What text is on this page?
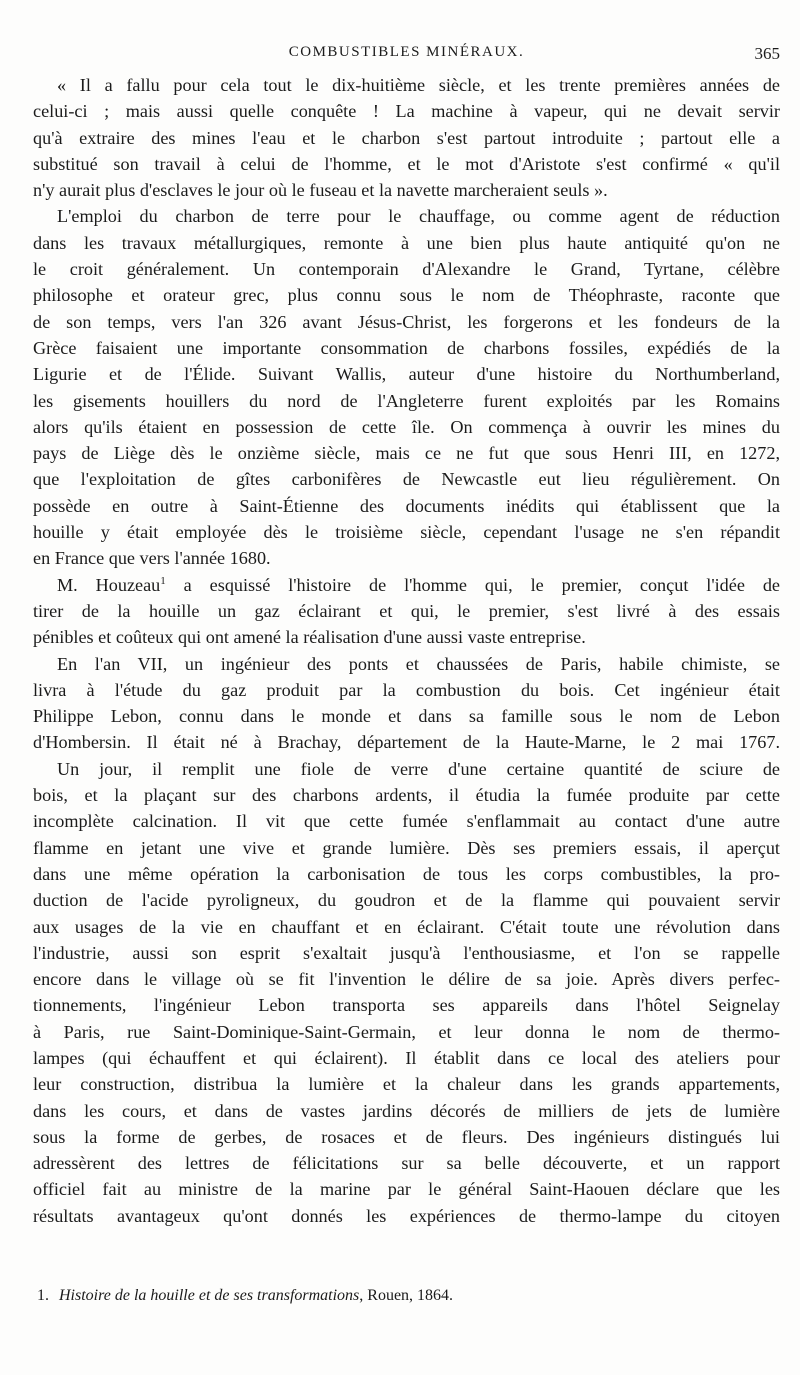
COMBUSTIBLES MINÉRAUX.	365
« Il a fallu pour cela tout le dix-huitième siècle, et les trente premières années de
celui-ci ; mais aussi quelle conquête ! La machine à vapeur, qui ne devait servir
qu'à extraire des mines l'eau et le charbon s'est partout introduite ; partout elle a
substitué son travail à celui de l'homme, et le mot d'Aristote s'est confirmé « qu'il
n'y aurait plus d'esclaves le jour où le fuseau et la navette marcheraient seuls ».
L'emploi du charbon de terre pour le chauffage, ou comme agent de réduction
dans les travaux métallurgiques, remonte à une bien plus haute antiquité qu'on ne
le croit généralement. Un contemporain d'Alexandre le Grand, Tyrtane, célèbre
philosophe et orateur grec, plus connu sous le nom de Théophraste, raconte que
de son temps, vers l'an 326 avant Jésus-Christ, les forgerons et les fondeurs de la
Grèce faisaient une importante consommation de charbons fossiles, expédiés de la
Ligurie et de l'Élide. Suivant Wallis, auteur d'une histoire du Northumberland,
les gisements houillers du nord de l'Angleterre furent exploités par les Romains
alors qu'ils étaient en possession de cette île. On commença à ouvrir les mines du
pays de Liège dès le onzième siècle, mais ce ne fut que sous Henri III, en 1272,
que l'exploitation de gîtes carbonifères de Newcastle eut lieu régulièrement. On
possède en outre à Saint-Étienne des documents inédits qui établissent que la
houille y était employée dès le troisième siècle, cependant l'usage ne s'en répandit
en France que vers l'année 1680.
M. Houzeau$^1$ a esquissé l'histoire de l'homme qui, le premier, conçut l'idée de
tirer de la houille un gaz éclairant et qui, le premier, s'est livré à des essais
pénibles et coûteux qui ont amené la réalisation d'une aussi vaste entreprise.
En l'an VII, un ingénieur des ponts et chaussées de Paris, habile chimiste, se
livra à l'étude du gaz produit par la combustion du bois. Cet ingénieur était
Philippe Lebon, connu dans le monde et dans sa famille sous le nom de Lebon
d'Hombersin. Il était né à Brachay, département de la Haute-Marne, le 2 mai 1767.
Un jour, il remplit une fiole de verre d'une certaine quantité de sciure de
bois, et la plaçant sur des charbons ardents, il étudia la fumée produite par cette
incomplète calcination. Il vit que cette fumée s'enflammait au contact d'une autre
flamme en jetant une vive et grande lumière. Dès ses premiers essais, il aperçut
dans une même opération la carbonisation de tous les corps combustibles, la pro-
duction de l'acide pyroligneux, du goudron et de la flamme qui pouvaient servir
aux usages de la vie en chauffant et en éclairant. C'était toute une révolution dans
l'industrie, aussi son esprit s'exaltait jusqu'à l'enthousiasme, et l'on se rappelle
encore dans le village où se fit l'invention le délire de sa joie. Après divers perfec-
tionnements, l'ingénieur Lebon transporta ses appareils dans l'hôtel Seignelay
à Paris, rue Saint-Dominique-Saint-Germain, et leur donna le nom de thermo-
lampes (qui échauffent et qui éclairent). Il établit dans ce local des ateliers pour
leur construction, distribua la lumière et la chaleur dans les grands appartements,
dans les cours, et dans de vastes jardins décorés de milliers de jets de lumière
sous la forme de gerbes, de rosaces et de fleurs. Des ingénieurs distingués lui
adressèrent des lettres de félicitations sur sa belle découverte, et un rapport
officiel fait au ministre de la marine par le général Saint-Haouen déclare que les
résultats avantageux qu'ont donnés les expériences de thermo-lampe du citoyen
1. Histoire de la houille et de ses transformations, Rouen, 1864.
